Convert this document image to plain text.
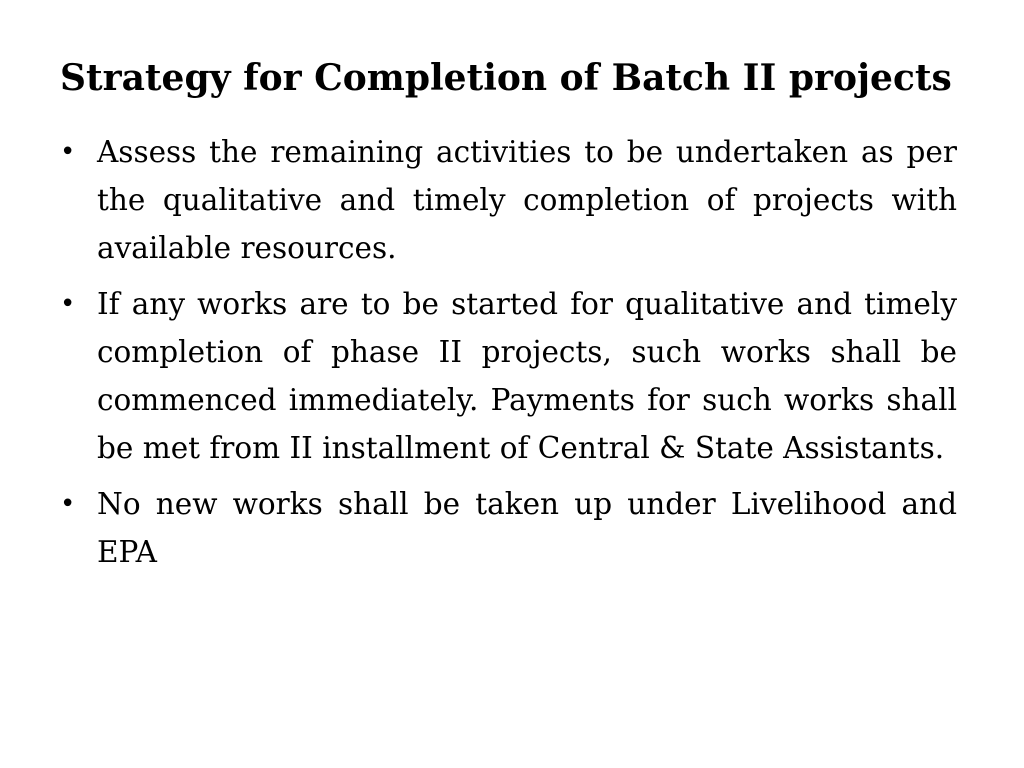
Strategy for Completion of Batch II projects
• Assess the remaining activities to be undertaken as per the qualitative and timely completion of projects with available resources.
• If any works are to be started for qualitative and timely completion of phase II projects, such works shall be commenced immediately. Payments for such works shall be met from II installment of Central & State Assistants.
• No new works shall be taken up under Livelihood and EPA
